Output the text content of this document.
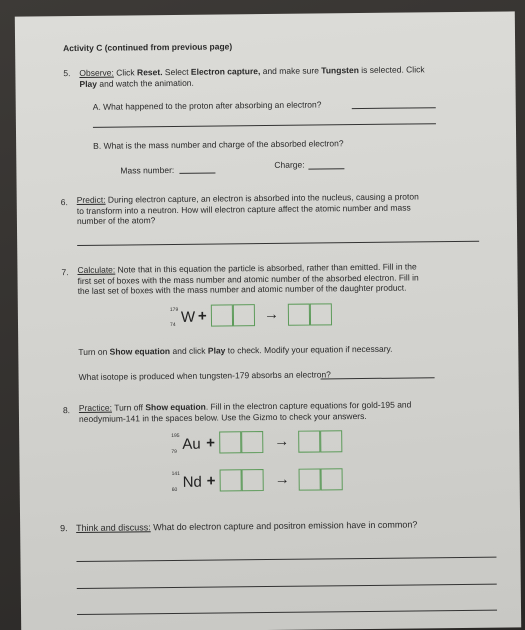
Activity C (continued from previous page)
5. Observe: Click Reset. Select Electron capture, and make sure Tungsten is selected. Click
Play and watch the animation.
A. What happened to the proton after absorbing an electron?
B. What is the mass number and charge of the absorbed electron?
Mass number:
Charge:
6. Predict: During electron capture, an electron is absorbed into the nucleus, causing a proton
to transform into a neutron. How will electron capture affect the atomic number and mass
number of the atom?
7. Calculate: Note that in this equation the particle is absorbed, rather than emitted. Fill in the
first set of boxes with the mass number and atomic number of the absorbed electron. Fill in
the last set of boxes with the mass number and atomic number of the daughter product.
179
74 W +	→
Turn on Show equation and click Play to check. Modify your equation if necessary.
What isotope is produced when tungsten-179 absorbs an electron?
8. Practice: Turn off Show equation. Fill in the electron capture equations for gold-195 and
neodymium-141 in the spaces below. Use the Gizmo to check your answers.
195
79 Au +	→
141
60 Nd +	→
9. Think and discuss: What do electron capture and positron emission have in common?
